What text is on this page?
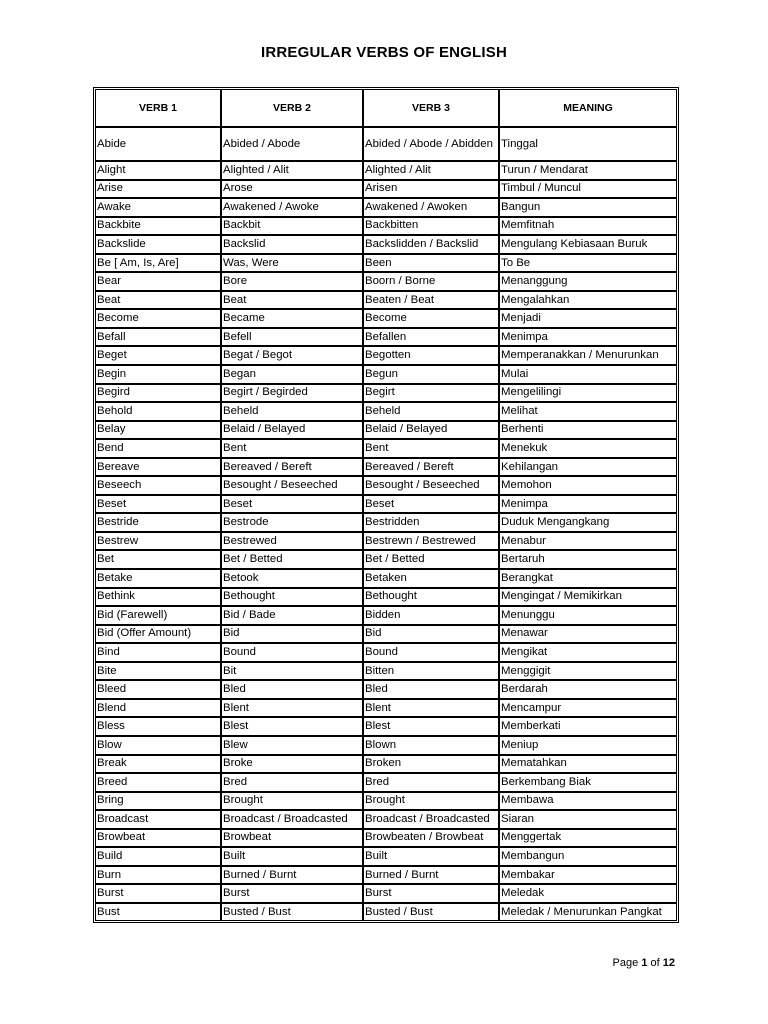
IRREGULAR VERBS OF ENGLISH
VERB 1	VERB 2	VERB 3	MEANING
Abide	Abided / Abode	Abided / Abode / Abidden	Tinggal
Alight	Alighted / Alit	Alighted / Alit	Turun / Mendarat
Arise	Arose	Arisen	Timbul / Muncul
Awake	Awakened / Awoke	Awakened / Awoken	Bangun
Backbite	Backbit	Backbitten	Memfitnah
Backslide	Backslid	Backslidden / Backslid	Mengulang Kebiasaan Buruk
Be [ Am, Is, Are]	Was, Were	Been	To Be
Bear	Bore	Boorn / Borne	Menanggung
Beat	Beat	Beaten / Beat	Mengalahkan
Become	Became	Become	Menjadi
Befall	Befell	Befallen	Menimpa
Beget	Begat / Begot	Begotten	Memperanakkan / Menurunkan
Begin	Began	Begun	Mulai
Begird	Begirt / Begirded	Begirt	Mengelilingi
Behold	Beheld	Beheld	Melihat
Belay	Belaid / Belayed	Belaid / Belayed	Berhenti
Bend	Bent	Bent	Menekuk
Bereave	Bereaved / Bereft	Bereaved / Bereft	Kehilangan
Beseech	Besought / Beseeched	Besought / Beseeched	Memohon
Beset	Beset	Beset	Menimpa
Bestride	Bestrode	Bestridden	Duduk Mengangkang
Bestrew	Bestrewed	Bestrewn / Bestrewed	Menabur
Bet	Bet / Betted	Bet / Betted	Bertaruh
Betake	Betook	Betaken	Berangkat
Bethink	Bethought	Bethought	Mengingat / Memikirkan
Bid (Farewell)	Bid / Bade	Bidden	Menunggu
Bid (Offer Amount)	Bid	Bid	Menawar
Bind	Bound	Bound	Mengikat
Bite	Bit	Bitten	Menggigit
Bleed	Bled	Bled	Berdarah
Blend	Blent	Blent	Mencampur
Bless	Blest	Blest	Memberkati
Blow	Blew	Blown	Meniup
Break	Broke	Broken	Mematahkan
Breed	Bred	Bred	Berkembang Biak
Bring	Brought	Brought	Membawa
Broadcast	Broadcast / Broadcasted	Broadcast / Broadcasted	Siaran
Browbeat	Browbeat	Browbeaten / Browbeat	Menggertak
Build	Built	Built	Membangun
Burn	Burned / Burnt	Burned / Burnt	Membakar
Burst	Burst	Burst	Meledak
Bust	Busted / Bust	Busted / Bust	Meledak / Menurunkan Pangkat
Page 1 of 12
